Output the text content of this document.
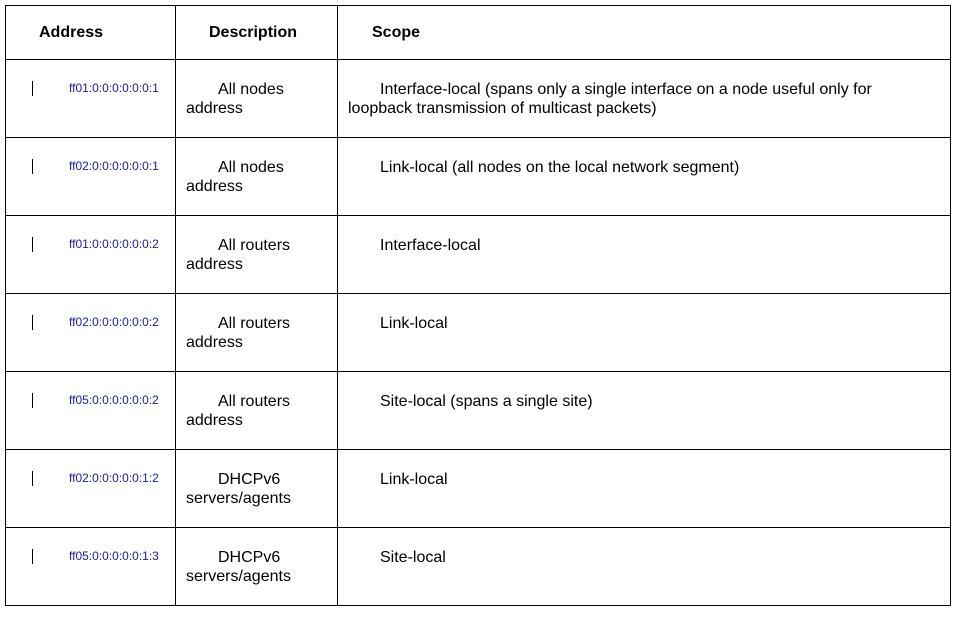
Address	Description	Scope

ff01:0:0:0:0:0:0:1	All nodes address	Interface-local (spans only a single interface on a node useful only for loopback transmission of multicast packets)

ff02:0:0:0:0:0:0:1	All nodes address	Link-local (all nodes on the local network segment)

ff01:0:0:0:0:0:0:2	All routers address	Interface-local

ff02:0:0:0:0:0:0:2	All routers address	Link-local

ff05:0:0:0:0:0:0:2	All routers address	Site-local (spans a single site)

ff02:0:0:0:0:0:1:2	DHCPv6 servers/agents	Link-local

ff05:0:0:0:0:0:1:3	DHCPv6 servers/agents	Site-local
